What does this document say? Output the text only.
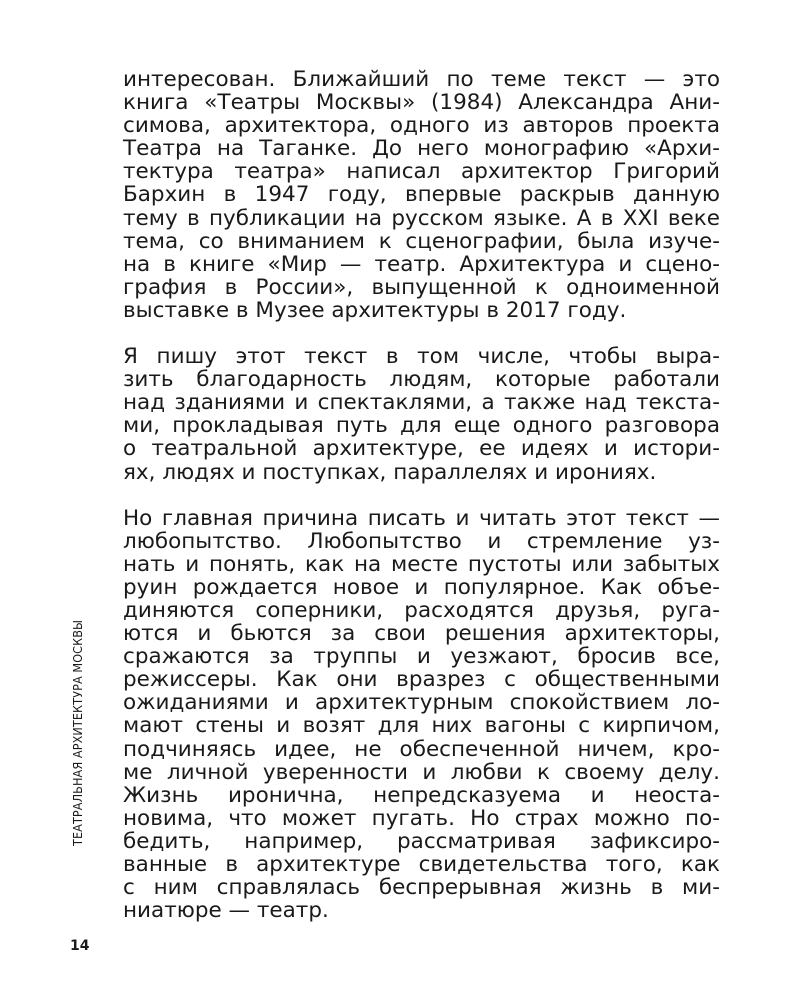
интересован. Ближайший по теме текст — это
книга «Театры Москвы» (1984) Александра Ани-
симова, архитектора, одного из авторов проекта
Театра на Таганке. До него монографию «Архи-
тектура театра» написал архитектор Григорий
Бархин в 1947 году, впервые раскрыв данную
тему в публикации на русском языке. А в XXI веке
тема, со вниманием к сценографии, была изуче-
на в книге «Мир — театр. Архитектура и сцено-
графия в России», выпущенной к одноименной
выставке в Музее архитектуры в 2017 году.
Я пишу этот текст в том числе, чтобы выра-
зить благодарность людям, которые работали
над зданиями и спектаклями, а также над текста-
ми, прокладывая путь для еще одного разговора
о театральной архитектуре, ее идеях и истори-
ях, людях и поступках, параллелях и ирониях.
Но главная причина писать и читать этот текст —
любопытство. Любопытство и стремление уз-
нать и понять, как на месте пустоты или забытых
руин рождается новое и популярное. Как объе-
диняются соперники, расходятся друзья, руга-
ются и бьются за свои решения архитекторы,
сражаются за труппы и уезжают, бросив все,
режиссеры. Как они вразрез с общественными
ожиданиями и архитектурным спокойствием ло-
мают стены и возят для них вагоны с кирпичом,
подчиняясь идее, не обеспеченной ничем, кро-
ме личной уверенности и любви к своему делу.
Жизнь иронична, непредсказуема и неоста-
новима, что может пугать. Но страх можно по-
бедить, например, рассматривая зафиксиро-
ванные в архитектуре свидетельства того, как
с ним справлялась беспрерывная жизнь в ми-
ниатюре — театр.
ТЕАТРАЛЬНАЯ АРХИТЕКТУРА МОСКВЫ
14
